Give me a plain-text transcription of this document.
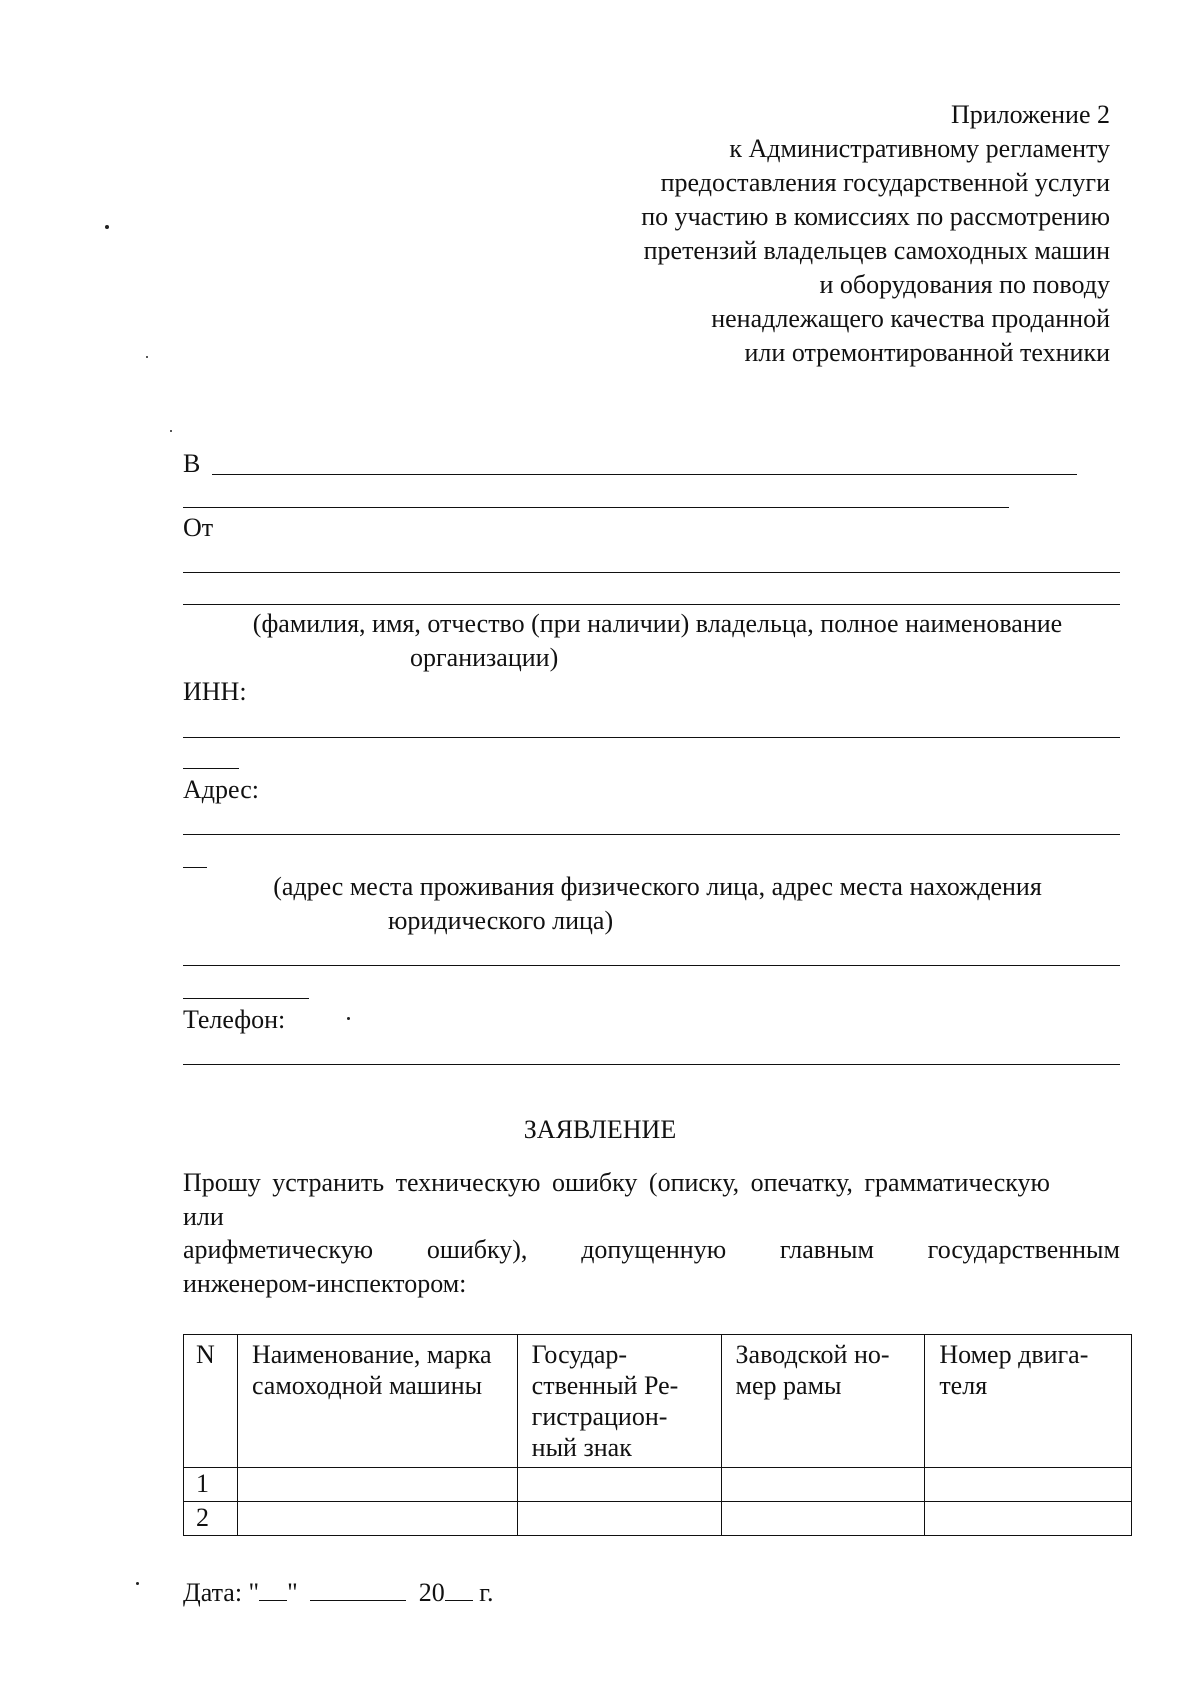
Приложение 2
к Административному регламенту
предоставления государственной услуги
по участию в комиссиях по рассмотрению
претензий владельцев самоходных машин
и оборудования по поводу
ненадлежащего качества проданной
или отремонтированной техники
В
От
(фамилия, имя, отчество (при наличии) владельца, полное наименование
организации)
ИНН:
Адрес:
(адрес места проживания физического лица, адрес места нахождения
юридического лица)
Телефон:
ЗАЯВЛЕНИЕ
Прошу устранить техническую ошибку (описку, опечатку, грамматическую
или
арифметическую ошибку), допущенную главным государственным
инженером-инспектором:
N	Наименование, марка самоходной машины	Государ-ственный Ре-гистрацион-ный знак	Заводской но-мер рамы	Номер двига-теля
1				
2				
Дата: " "	20 г.
